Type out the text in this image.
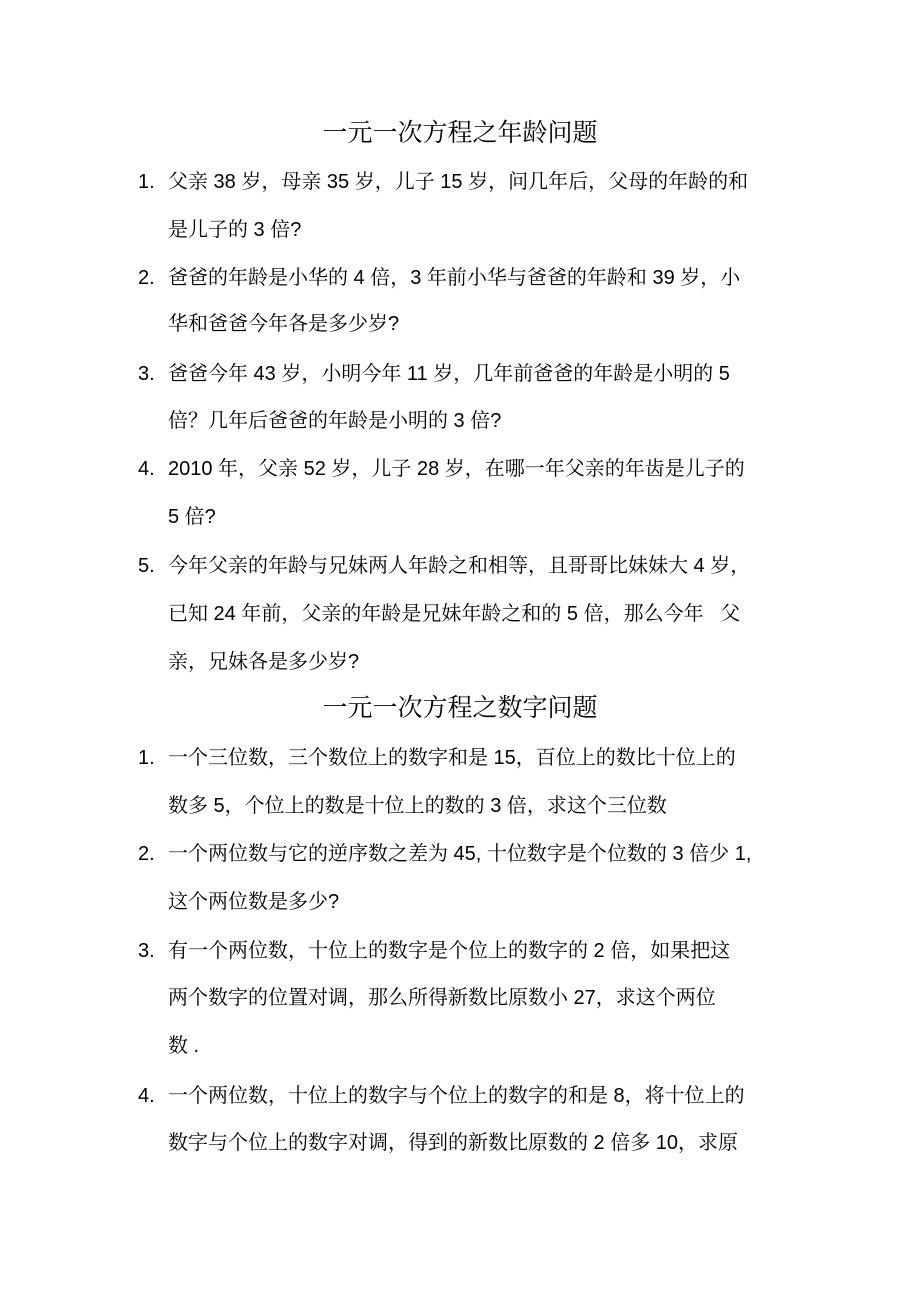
一元一次方程之年龄问题
1. 父亲 38 岁，母亲 35 岁，儿子 15 岁，问几年后，父母的年龄的和
是儿子的 3 倍?
2. 爸爸的年龄是小华的 4 倍，3 年前小华与爸爸的年龄和 39 岁，小
华和爸爸今年各是多少岁?
3. 爸爸今年 43 岁，小明今年 11 岁，几年前爸爸的年龄是小明的 5
倍？几年后爸爸的年龄是小明的 3 倍?
4. 2010 年，父亲 52 岁，儿子 28 岁，在哪一年父亲的年齿是儿子的
5 倍?
5. 今年父亲的年龄与兄妹两人年龄之和相等，且哥哥比妹妹大 4 岁，
已知 24 年前，父亲的年龄是兄妹年龄之和的 5 倍，那么今年   父
亲，兄妹各是多少岁?
一元一次方程之数字问题
1. 一个三位数，三个数位上的数字和是 15，百位上的数比十位上的
数多 5，个位上的数是十位上的数的 3 倍，求这个三位数
2. 一个两位数与它的逆序数之差为 45, 十位数字是个位数的 3 倍少 1,
这个两位数是多少?
3. 有一个两位数，十位上的数字是个位上的数字的 2 倍，如果把这
两个数字的位置对调，那么所得新数比原数小 27，求这个两位
数 .
4. 一个两位数，十位上的数字与个位上的数字的和是 8，将十位上的
数字与个位上的数字对调，得到的新数比原数的 2 倍多 10，求原
